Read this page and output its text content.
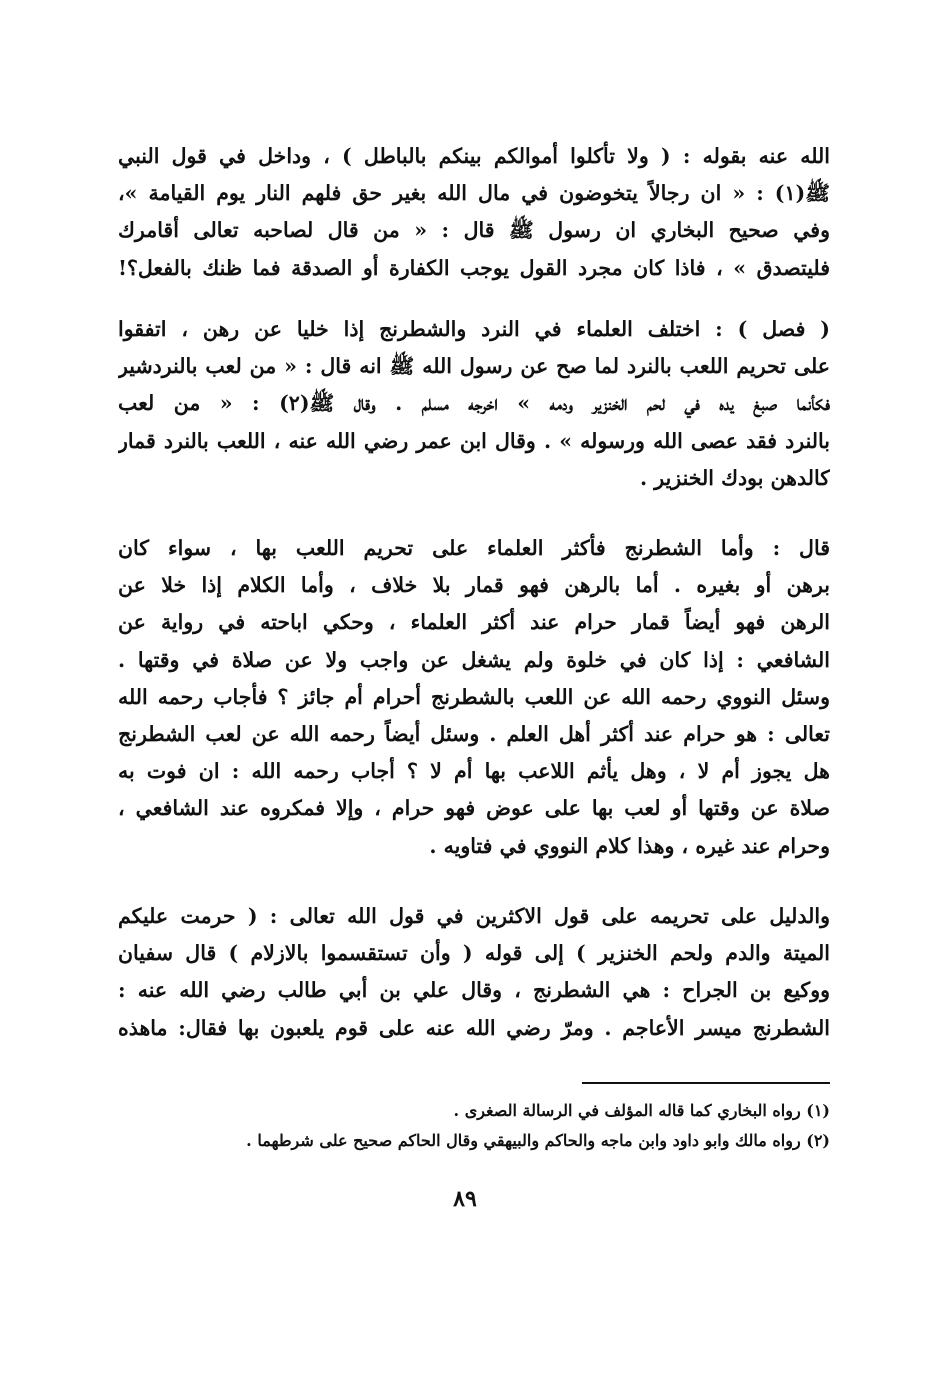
الله عنه بقوله : ( ولا تأكلوا أموالكم بينكم بالباطل ) ، وداخل في قول النبي
ﷺ(١) : « ان رجالاً يتخوضون في مال الله بغير حق فلهم النار يوم القيامة »،
وفي صحيح البخاري ان رسول ﷺ قال : « من قال لصاحبه تعالى أقامرك
فليتصدق » ، فاذا كان مجرد القول يوجب الكفارة أو الصدقة فما ظنك بالفعل؟!
( فصل ) : اختلف العلماء في النرد والشطرنج إذا خليا عن رهن ، اتفقوا
على تحريم اللعب بالنرد لما صح عن رسول الله ﷺ انه قال : « من لعب بالنردشير
فكأنما صبغ يده في لحم الخنزير ودمه » اخرجه مسلم . وقال ﷺ(٢) : « من لعب
بالنرد فقد عصى الله ورسوله » . وقال ابن عمر رضي الله عنه ، اللعب بالنرد قمار
كالدهن بودك الخنزير .
قال : وأما الشطرنج فأكثر العلماء على تحريم اللعب بها ، سواء كان
برهن أو بغيره . أما بالرهن فهو قمار بلا خلاف ، وأما الكلام إذا خلا عن
الرهن فهو أيضاً قمار حرام عند أكثر العلماء ، وحكي اباحته في رواية عن
الشافعي : إذا كان في خلوة ولم يشغل عن واجب ولا عن صلاة في وقتها .
وسئل النووي رحمه الله عن اللعب بالشطرنج أحرام أم جائز ؟ فأجاب رحمه الله
تعالى : هو حرام عند أكثر أهل العلم . وسئل أيضاً رحمه الله عن لعب الشطرنج
هل يجوز أم لا ، وهل يأثم اللاعب بها أم لا ؟ أجاب رحمه الله : ان فوت به
صلاة عن وقتها أو لعب بها على عوض فهو حرام ، وإلا فمكروه عند الشافعي ،
وحرام عند غيره ، وهذا كلام النووي في فتاويه .
والدليل على تحريمه على قول الاكثرين في قول الله تعالى : ( حرمت عليكم
الميتة والدم ولحم الخنزير ) إلى قوله ( وأن تستقسموا بالازلام ) قال سفيان
ووكيع بن الجراح : هي الشطرنج ، وقال علي بن أبي طالب رضي الله عنه :
الشطرنج ميسر الأعاجم . ومرّ رضي الله عنه على قوم يلعبون بها فقال: ماهذه
(١) رواه البخاري كما قاله المؤلف في الرسالة الصغرى .
(٢) رواه مالك وابو داود وابن ماجه والحاكم والبيهقي وقال الحاكم صحيح على شرطهما .
٨٩
